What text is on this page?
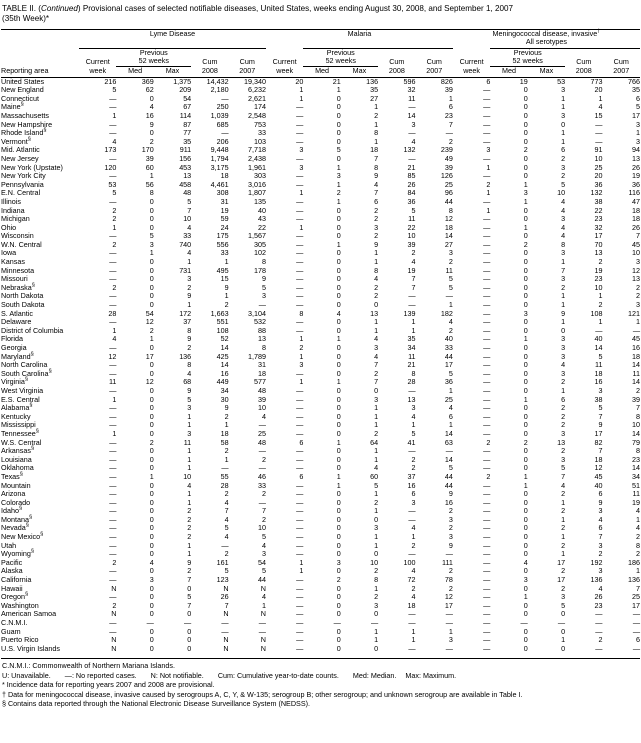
TABLE II. (Continued) Provisional cases of selected notifiable diseases, United States, weeks ending August 30, 2008, and September 1, 2007
(35th Week)*

	Lyme Disease					Malaria					Meningococcal disease, invasive†
											All serotypes				

		Previous					Previous					Previous			
	Current	52 weeks		Cum	Cum	Current	52 weeks		Cum	Cum	Current	52 weeks		Cum	Cum
Reporting area	week	Med	Max	2008	2007	week	Med	Max	2008	2007	week	Med	Max	2008	2007

United States	216	369	1,375	14,432	19,340	20	21	136	596	826	6	19	53	773	766
New England	5	62	209	2,180	6,232	1	1	35	32	39	—	0	3	20	35
Connecticut	—	0	54	—	2,621	1	0	27	11	1	—	0	1	1	6
Maine§	—	4	67	250	174	—	0	1	—	6	—	0	1	4	5
Massachusetts	1	16	114	1,039	2,548	—	0	2	14	23	—	0	3	15	17
New Hampshire	—	9	87	685	753	—	0	1	3	7	—	0	0	—	3
Rhode Island§	—	0	77	—	33	—	0	8	—	—	—	0	1	—	1
Vermont§	4	2	35	206	103	—	0	1	4	2	—	0	1	—	3
Mid. Atlantic	173	170	911	9,448	7,718	3	5	18	132	239	3	2	6	91	94
New Jersey	—	39	156	1,794	2,438	—	0	7	—	49	—	0	2	10	13
New York (Upstate)	120	60	453	3,175	1,961	3	1	8	21	39	1	0	3	25	26
New York City	—	1	13	18	303	—	3	9	85	126	—	0	2	20	19
Pennsylvania	53	56	458	4,461	3,016	—	1	4	26	25	2	1	5	36	36
E.N. Central	5	8	48	308	1,807	1	2	7	84	96	1	3	10	132	116
Illinois	—	0	5	31	135	—	1	6	36	44	—	1	4	38	47
Indiana	2	0	7	19	40	—	0	2	5	8	1	0	4	22	18
Michigan	2	0	10	59	43	—	0	2	11	12	—	0	3	23	18
Ohio	1	0	4	24	22	1	0	3	22	18	—	1	4	32	26
Wisconsin	—	5	33	175	1,567	—	0	2	10	14	—	0	4	17	7
W.N. Central	2	3	740	556	305	—	1	9	39	27	—	2	8	70	45
Iowa	—	1	4	33	102	—	0	1	2	3	—	0	3	13	10
Kansas	—	0	1	1	8	—	0	1	4	2	—	0	1	2	3
Minnesota	—	0	731	495	178	—	0	8	19	11	—	0	7	19	12
Missouri	—	0	3	15	9	—	0	4	7	5	—	0	3	23	13
Nebraska§	2	0	2	9	5	—	0	2	7	5	—	0	2	10	2
North Dakota	—	0	9	1	3	—	0	2	—	—	—	0	1	1	2
South Dakota	—	0	1	2	—	—	0	0	—	1	—	0	1	2	3
S. Atlantic	28	54	172	1,663	3,104	8	4	13	139	182	—	3	9	108	121
Delaware	—	12	37	551	532	—	0	1	1	4	—	0	1	1	1
District of Columbia	1	2	8	108	88	—	0	1	1	2	—	0	0	—	—
Florida	4	1	9	52	13	1	1	4	35	40	—	1	3	40	45
Georgia	—	0	2	14	8	2	0	3	34	33	—	0	3	14	16
Maryland§	12	17	136	425	1,789	1	0	4	11	44	—	0	3	5	18
North Carolina	—	0	8	14	31	3	0	7	21	17	—	0	4	11	14
South Carolina§	—	0	4	16	18	—	0	2	8	5	—	0	3	18	11
Virginia§	11	12	68	449	577	1	1	7	28	36	—	0	2	16	14
West Virginia	—	0	9	34	48	—	0	0	—	1	—	0	1	3	2
E.S. Central	1	0	5	30	39	—	0	3	13	25	—	1	6	38	39
Alabama§	—	0	3	9	10	—	0	1	3	4	—	0	2	5	7
Kentucky	—	0	1	2	4	—	0	1	4	6	—	0	2	7	8
Mississippi	—	0	1	1	—	—	0	1	1	1	—	0	2	9	10
Tennessee§	1	0	3	18	25	—	0	2	5	14	—	0	3	17	14
W.S. Central	—	2	11	58	48	6	1	64	41	63	2	2	13	82	79
Arkansas§	—	0	1	2	—	—	0	1	—	—	—	0	2	7	8
Louisiana	—	0	1	1	2	—	0	1	2	14	—	0	3	18	23
Oklahoma	—	0	1	—	—	—	0	4	2	5	—	0	5	12	14
Texas§	—	1	10	55	46	6	1	60	37	44	2	1	7	45	34
Mountain	—	0	4	28	33	—	1	5	16	44	—	1	4	40	51
Arizona	—	0	1	2	2	—	0	1	6	9	—	0	2	6	11
Colorado	—	0	1	4	—	—	0	2	3	16	—	0	1	9	19
Idaho§	—	0	2	7	7	—	0	1	—	2	—	0	2	3	4
Montana§	—	0	2	4	2	—	0	0	—	3	—	0	1	4	1
Nevada§	—	0	2	5	10	—	0	3	4	2	—	0	2	6	4
New Mexico§	—	0	2	4	5	—	0	1	1	3	—	0	1	7	2
Utah	—	0	1	—	4	—	0	1	2	9	—	0	2	3	8
Wyoming§	—	0	1	2	3	—	0	0	—	—	—	0	1	2	2
Pacific	2	4	9	161	54	1	3	10	100	111	—	4	17	192	186
Alaska	—	0	2	5	5	1	0	2	4	2	—	0	2	3	1
California	—	3	7	123	44	—	2	8	72	78	—	3	17	136	136
Hawaii	N	0	0	N	N	—	0	1	2	2	—	0	2	4	7
Oregon§	—	0	5	26	4	—	0	2	4	12	—	1	3	26	25
Washington	2	0	7	7	1	—	0	3	18	17	—	0	5	23	17
American Samoa	N	0	0	N	N	—	0	0	—	—	—	0	0	—	—
C.N.M.I.	—	—	—	—	—	—	—	—	—	—	—	—	—	—	—
Guam	—	0	0	—	—	—	0	1	1	1	—	0	0	—	—
Puerto Rico	N	0	0	N	N	—	0	1	1	3	—	0	1	2	6
U.S. Virgin Islands	N	0	0	N	N	—	0	0	—	—	—	0	0	—	—

C.N.M.I.: Commonwealth of Northern Mariana Islands.
U: Unavailable. —: No reported cases. N: Not notifiable. Cum: Cumulative year-to-date counts. Med: Median. Max: Maximum.
* Incidence data for reporting years 2007 and 2008 are provisional.
† Data for meningococcal disease, invasive caused by serogroups A, C, Y, & W-135; serogroup B; other serogroup; and unknown serogroup are available in Table I.
§ Contains data reported through the National Electronic Disease Surveillance System (NEDSS).
